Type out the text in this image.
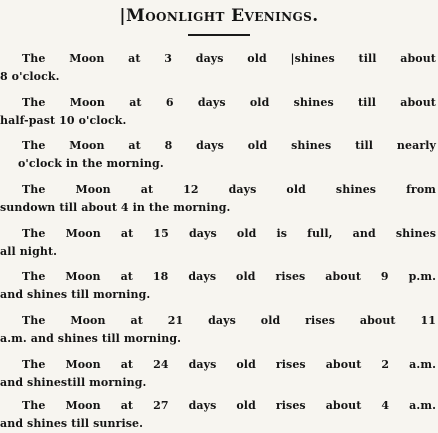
|Moonlight Evenings.
The Moon at 3 days old |shines till about
8 o'clock.
The Moon at 6 days old shines till about
half-past 10 o'clock.
The Moon at 8 days old shines till nearly
o'clock in the morning.
The Moon at 12 days old shines from
sundown till about 4 in the morning.
The Moon at 15 days old is full, and shines
all night.
The Moon at 18 days old rises about 9 p.m.
and shines till morning.
The Moon at 21 days old rises about 11
a.m. and shines till morning.
The Moon at 24 days old rises about 2 a.m.
and shinestill morning.
The Moon at 27 days old rises about 4 a.m.
and shines till sunrise.
